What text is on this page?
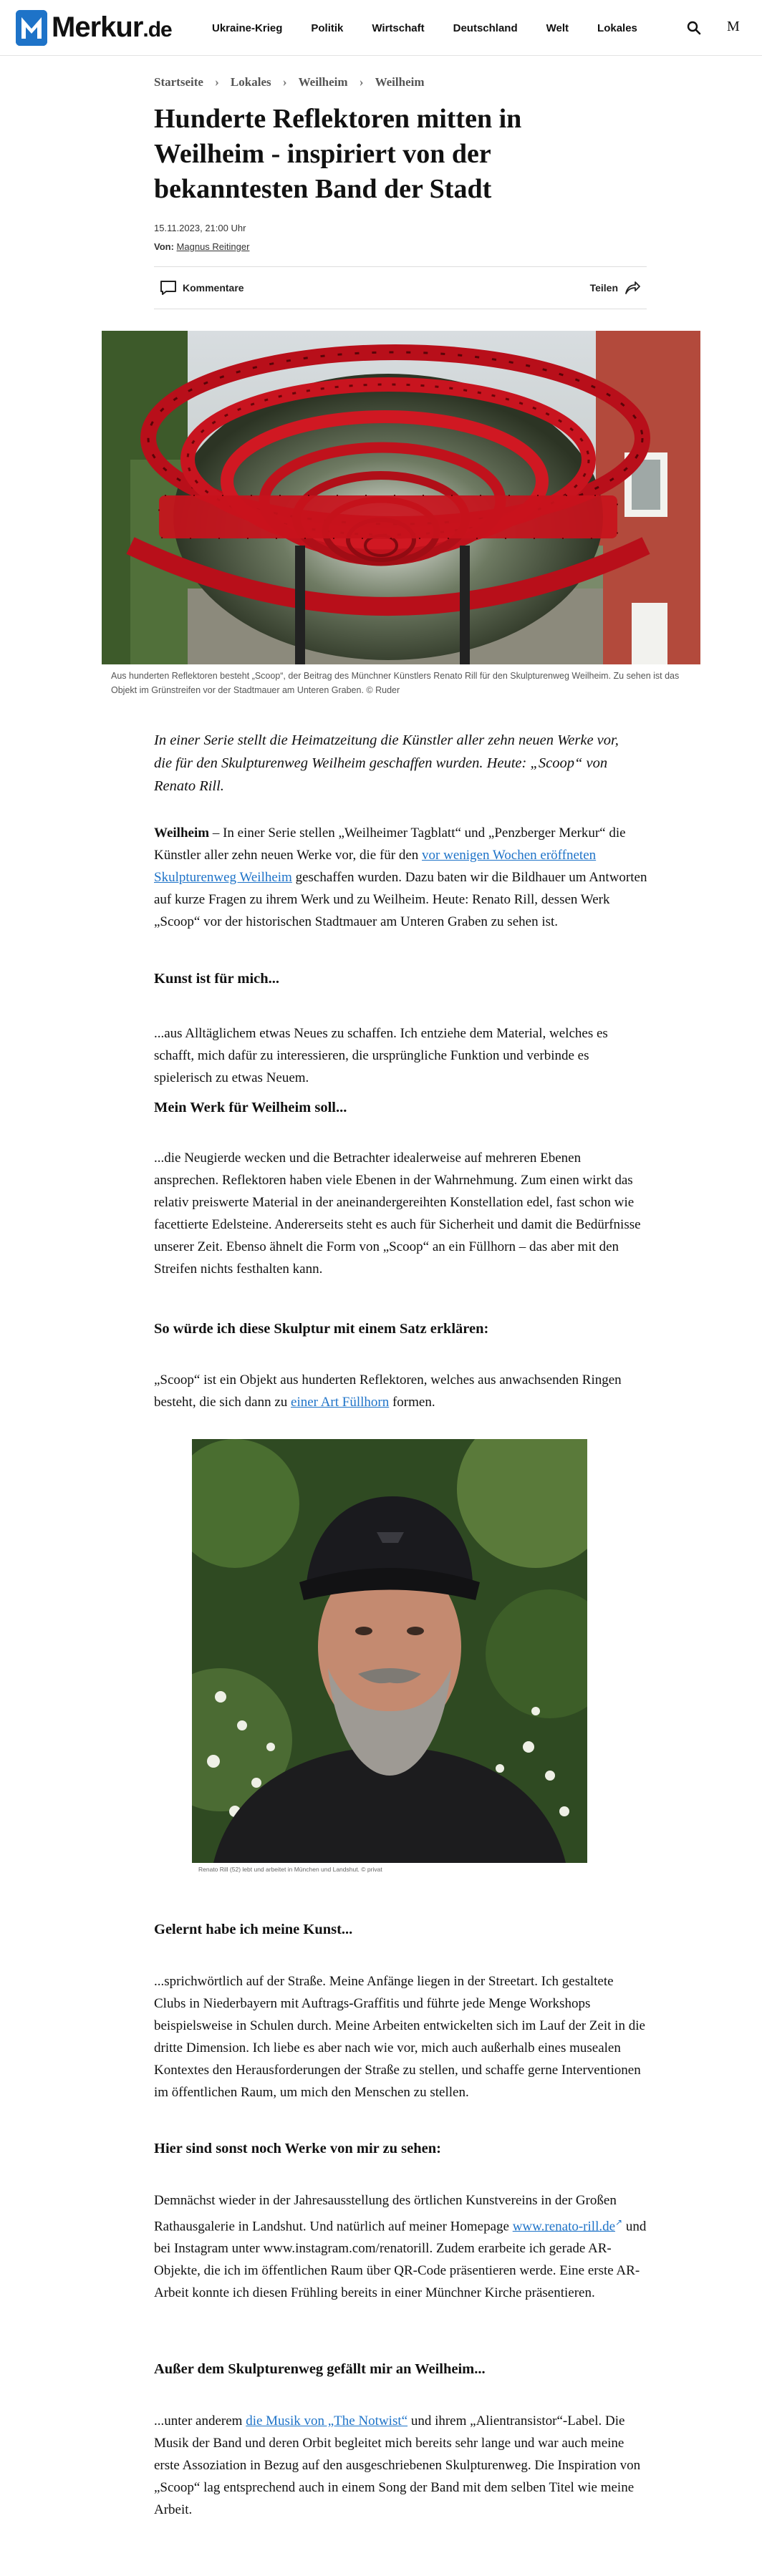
Merkur.de	Ukraine-Krieg	Politik	Wirtschaft	Deutschland	Welt	Lokales	M
Startseite › Lokales › Weilheim › Weilheim
Hunderte Reflektoren mitten in Weilheim - inspiriert von der bekanntesten Band der Stadt
15.11.2023, 21:00 Uhr
Von: Magnus Reitinger
Kommentare	Teilen
Aus hunderten Reflektoren besteht „Scoop“, der Beitrag des Münchner Künstlers Renato Rill für den Skulpturenweg Weilheim. Zu sehen ist das Objekt im Grünstreifen vor der Stadtmauer am Unteren Graben. © Ruder

In einer Serie stellt die Heimatzeitung die Künstler aller zehn neuen Werke vor, die für den Skulpturenweg Weilheim geschaffen wurden. Heute: „Scoop“ von Renato Rill.

Weilheim – In einer Serie stellen „Weilheimer Tagblatt“ und „Penzberger Merkur“ die Künstler aller zehn neuen Werke vor, die für den vor wenigen Wochen eröffneten Skulpturenweg Weilheim geschaffen wurden. Dazu baten wir die Bildhauer um Antworten auf kurze Fragen zu ihrem Werk und zu Weilheim. Heute: Renato Rill, dessen Werk „Scoop“ vor der historischen Stadtmauer am Unteren Graben zu sehen ist.

Kunst ist für mich...

...aus Alltäglichem etwas Neues zu schaffen. Ich entziehe dem Material, welches es schafft, mich dafür zu interessieren, die ursprüngliche Funktion und verbinde es spielerisch zu etwas Neuem.

Mein Werk für Weilheim soll...

...die Neugierde wecken und die Betrachter idealerweise auf mehreren Ebenen ansprechen. Reflektoren haben viele Ebenen in der Wahrnehmung. Zum einen wirkt das relativ preiswerte Material in der aneinandergereihten Konstellation edel, fast schon wie facettierte Edelsteine. Andererseits steht es auch für Sicherheit und damit die Bedürfnisse unserer Zeit. Ebenso ähnelt die Form von „Scoop“ an ein Füllhorn – das aber mit den Streifen nichts festhalten kann.

So würde ich diese Skulptur mit einem Satz erklären:

„Scoop“ ist ein Objekt aus hunderten Reflektoren, welches aus anwachsenden Ringen besteht, die sich dann zu einer Art Füllhorn formen.

Renato Rill (52) lebt und arbeitet in München und Landshut. © privat
Gelernt habe ich meine Kunst...

...sprichwörtlich auf der Straße. Meine Anfänge liegen in der Streetart. Ich gestaltete Clubs in Niederbayern mit Auftrags-Graffitis und führte jede Menge Workshops beispielsweise in Schulen durch. Meine Arbeiten entwickelten sich im Lauf der Zeit in die dritte Dimension. Ich liebe es aber nach wie vor, mich auch außerhalb eines musealen Kontextes den Herausforderungen der Straße zu stellen, und schaffe gerne Interventionen im öffentlichen Raum, um mich den Menschen zu stellen.

Hier sind sonst noch Werke von mir zu sehen:

Demnächst wieder in der Jahresausstellung des örtlichen Kunstvereins in der Großen Rathausgalerie in Landshut. Und natürlich auf meiner Homepage www.renato-rill.de↗ und bei Instagram unter www.instagram.com/renatorill. Zudem erarbeite ich gerade AR-Objekte, die ich im öffentlichen Raum über QR-Code präsentieren werde. Eine erste AR-Arbeit konnte ich diesen Frühling bereits in einer Münchner Kirche präsentieren.

Außer dem Skulpturenweg gefällt mir an Weilheim...

...unter anderem die Musik von „The Notwist“ und ihrem „Alientransistor“-Label. Die Musik der Band und deren Orbit begleitet mich bereits sehr lange und war auch meine erste Assoziation in Bezug auf den ausgeschriebenen Skulpturenweg. Die Inspiration von „Scoop“ lag entsprechend auch in einem Song der Band mit dem selben Titel wie meine Arbeit.
